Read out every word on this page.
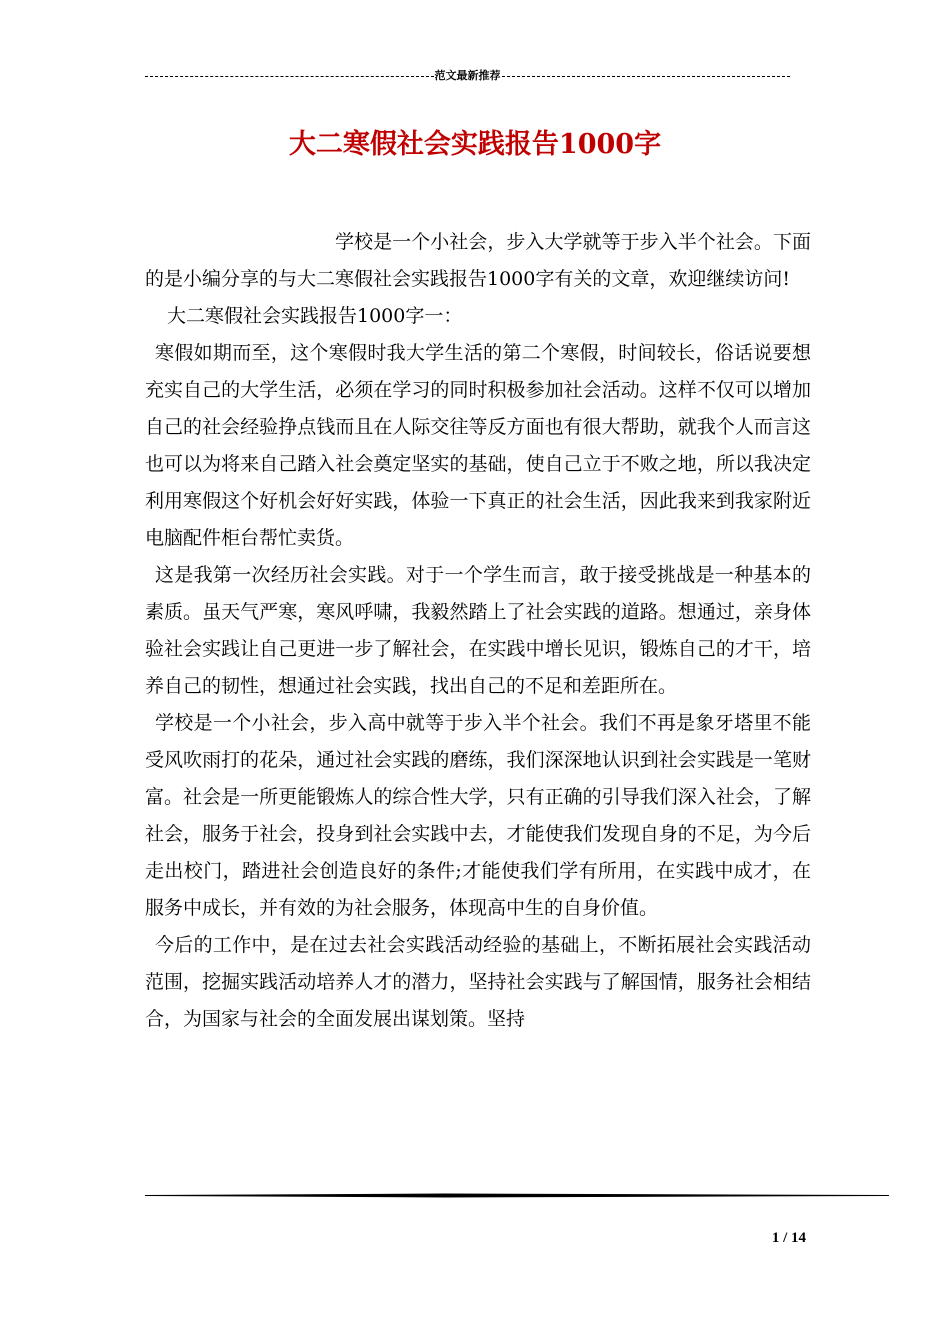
范文最新推荐
大二寒假社会实践报告1000字

学校是一个小社会，步入大学就等于步入半个社会。下面的是小编分享的与大二寒假社会实践报告1000字有关的文章，欢迎继续访问!

大二寒假社会实践报告1000字一：

寒假如期而至，这个寒假时我大学生活的第二个寒假，时间较长，俗话说要想充实自己的大学生活，必须在学习的同时积极参加社会活动。这样不仅可以增加自己的社会经验挣点钱而且在人际交往等反方面也有很大帮助，就我个人而言这也可以为将来自己踏入社会奠定坚实的基础，使自己立于不败之地，所以我决定利用寒假这个好机会好好实践，体验一下真正的社会生活，因此我来到我家附近电脑配件柜台帮忙卖货。

这是我第一次经历社会实践。对于一个学生而言，敢于接受挑战是一种基本的素质。虽天气严寒，寒风呼啸，我毅然踏上了社会实践的道路。想通过，亲身体验社会实践让自己更进一步了解社会，在实践中增长见识，锻炼自己的才干，培养自己的韧性，想通过社会实践，找出自己的不足和差距所在。

学校是一个小社会，步入高中就等于步入半个社会。我们不再是象牙塔里不能受风吹雨打的花朵，通过社会实践的磨练，我们深深地认识到社会实践是一笔财富。社会是一所更能锻炼人的综合性大学，只有正确的引导我们深入社会，了解社会，服务于社会，投身到社会实践中去，才能使我们发现自身的不足，为今后走出校门，踏进社会创造良好的条件;才能使我们学有所用，在实践中成才，在服务中成长，并有效的为社会服务，体现高中生的自身价值。

今后的工作中，是在过去社会实践活动经验的基础上，不断拓展社会实践活动范围，挖掘实践活动培养人才的潜力，坚持社会实践与了解国情，服务社会相结合，为国家与社会的全面发展出谋划策。坚持

1 / 14
